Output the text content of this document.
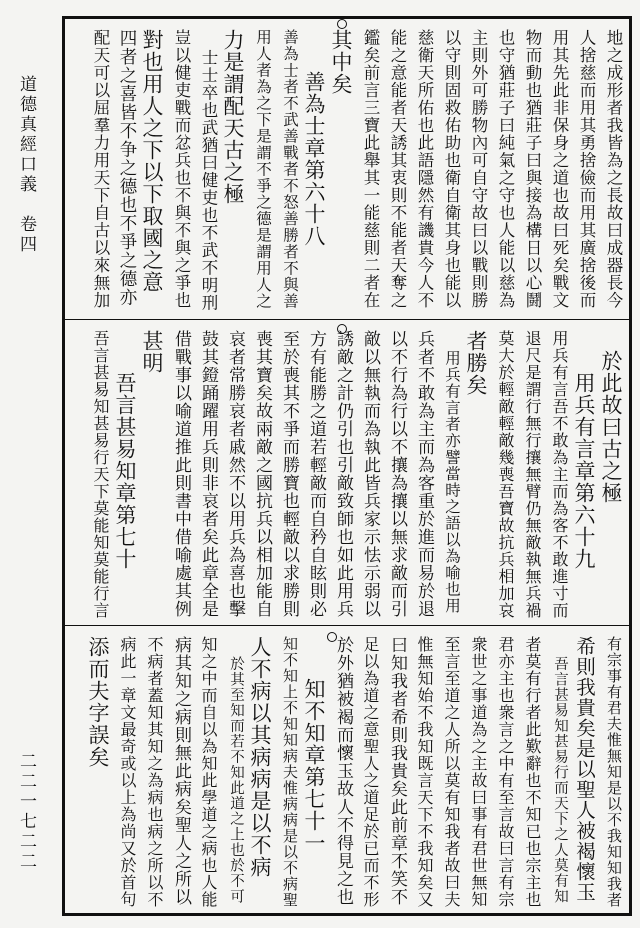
道德真經口義　卷四
二二一七二二
地之成形者我皆為之長故曰成器長今
人捨慈而用其勇捨儉而用其廣捨後而
用其先此非保身之道也故曰死矣戰文
物而動也猶莊子曰與接為構日以心鬪
也守猶莊子曰純氣之守也人能以慈為
主則外可勝物內可自守故曰以戰則勝
以守則固救佑助也衛自衛其身也能以
慈衛天所佑也此語隱然有譏貴今人不
能之意能者天誘其衷則不能者天奪之
鑑矣前言三寶此舉其一能慈則二者在
其中矣
善為士章第六十八
善為士者不武善戰者不怒善勝者不與善
用人者為之下是謂不爭之德是謂用人之
力是謂配天古之極
士士卒也武猶曰健吏也不武不明刑
豈以健吏戰而忿兵也不與不與之爭也
對也用人之下以下取國之意
四者之喜皆不争之德也不爭之德亦
配天可以屈羣力用天下自古以來無加
於此故曰古之極
用兵有言章第六十九
用兵有言吾不敢為主而為客不敢進寸而
退尺是謂行無行攘無臂仍無敵執無兵禍
莫大於輕敵輕敵幾喪吾寶故抗兵相加哀
者勝矣
用兵有言者亦譬當時之語以為喻也用
兵者不敢為主而為客重於進而易於退
以不行為行以不攘為攘以無求敵而引
敵以無執而為執此皆兵家示怯示弱以
誘敵之計仍引也引敵致師也如此用兵
方有能勝之道若輕敵而自矜自眩則必
至於喪其不爭而勝寶也輕敵以求勝則
喪其寶矣故兩敵之國抗兵以相加能自
哀者常勝哀者戚然不以用兵為喜也擊
鼓其鐙踊躍用兵則非哀者矣此章全是
借戰事以喻道推此則書中借喻處其例
甚明
吾言甚易知章第七十
吾言甚易知甚易行天下莫能知莫能行言
有宗事有君夫惟無知是以不我知知我者
希則我貴矣是以聖人被褐懷玉
吾言甚易知甚易行而天下之人莫有知
者莫有行者此歎辭也不知已也宗主也
君亦主也衆言之中有至言故曰言有宗
衆世之事道為之主故曰事有君世無知
至言至道之人所以莫有知我者故曰夫
惟無知始不我知既言天下不我知矣又
曰知我者希則我貴矣此前章不笑不
足以為道之意聖人之道足於已而不形
於外猶被褐而懷玉故人不得見之也
知不知章第七十一
知不知上不知知病夫惟病病是以不病聖
人不病以其病病是以不病
於其至知而若不知此道之上也於不可
知之中而自以為知此學道之病也人能
病其知之病則無此病矣聖人之所以
不病者蓋知其知之為病也病之所以不
病此一章文最奇或以上為尚又於首句
添而夫字誤矣
